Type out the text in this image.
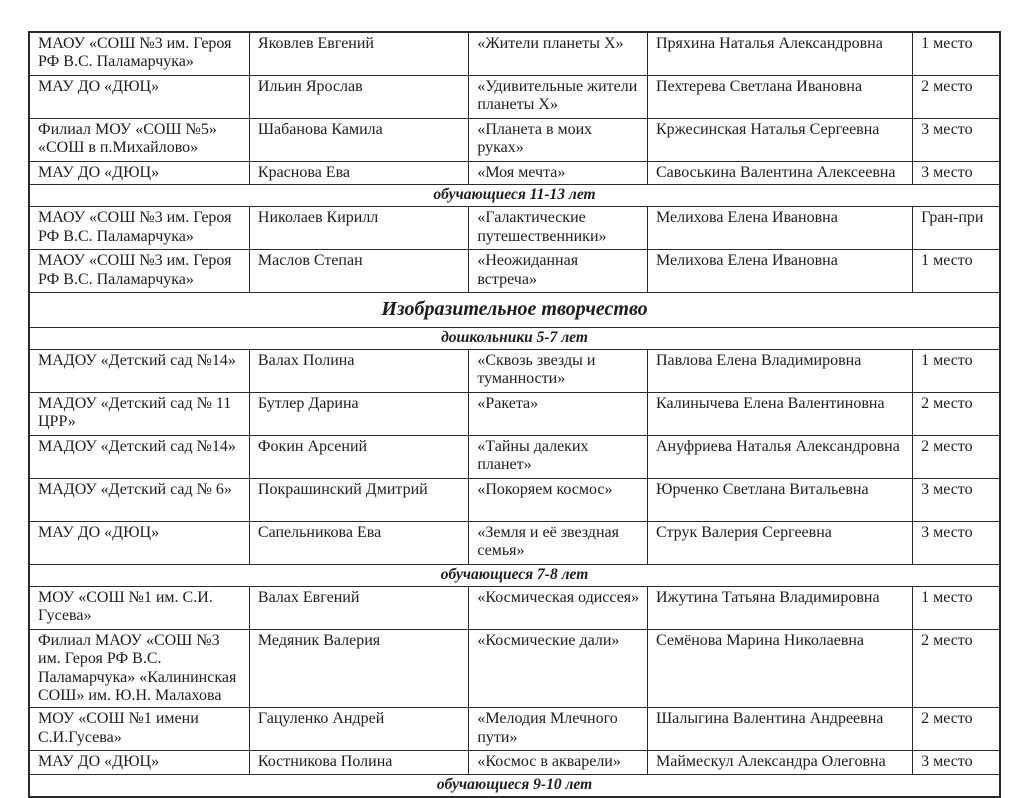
МАОУ «СОШ №3 им. Героя РФ В.С. Паламарчука»	Яковлев Евгений	«Жители планеты Х»	Пряхина Наталья Александровна	1 место
МАУ ДО «ДЮЦ»	Ильин Ярослав	«Удивительные жители планеты Х»	Пехтерева Светлана Ивановна	2 место
Филиал МОУ «СОШ №5» «СОШ в п.Михайлово»	Шабанова Камила	«Планета в моих руках»	Кржесинская Наталья Сергеевна	3 место
МАУ ДО «ДЮЦ»	Краснова Ева	«Моя мечта»	Савоськина Валентина Алексеевна	3 место
обучающиеся 11-13 лет				
МАОУ «СОШ №3 им. Героя РФ В.С. Паламарчука»	Николаев Кирилл	«Галактические путешественники»	Мелихова Елена Ивановна	Гран-при
МАОУ «СОШ №3 им. Героя РФ В.С. Паламарчука»	Маслов Степан	«Неожиданная встреча»	Мелихова Елена Ивановна	1 место
Изобразительное творчество				
дошкольники 5-7 лет				
МАДОУ «Детский сад №14»	Валах Полина	«Сквозь звезды и туманности»	Павлова Елена Владимировна	1 место
МАДОУ «Детский сад № 11 ЦРР»	Бутлер Дарина	«Ракета»	Калинычева Елена Валентиновна	2 место
МАДОУ «Детский сад №14»	Фокин Арсений	«Тайны далеких планет»	Ануфриева Наталья Александровна	2 место
МАДОУ «Детский сад № 6»	Покрашинский Дмитрий	«Покоряем космос»	Юрченко Светлана Витальевна	3 место
МАУ ДО «ДЮЦ»	Сапельникова Ева	«Земля и её звездная семья»	Струк Валерия Сергеевна	3 место
обучающиеся 7-8 лет				
МОУ «СОШ №1 им. С.И. Гусева»	Валах Евгений	«Космическая одиссея»	Ижутина Татьяна Владимировна	1 место
Филиал МАОУ «СОШ №3 им. Героя РФ В.С. Паламарчука» «Калининская СОШ» им. Ю.Н. Малахова	Медяник Валерия	«Космические дали»	Семёнова Марина Николаевна	2 место
МОУ «СОШ №1 имени С.И.Гусева»	Гацуленко Андрей	«Мелодия Млечного пути»	Шалыгина Валентина Андреевна	2 место
МАУ ДО «ДЮЦ»	Костникова Полина	«Космос в акварели»	Маймескул Александра Олеговна	3 место
обучающиеся 9-10 лет				
